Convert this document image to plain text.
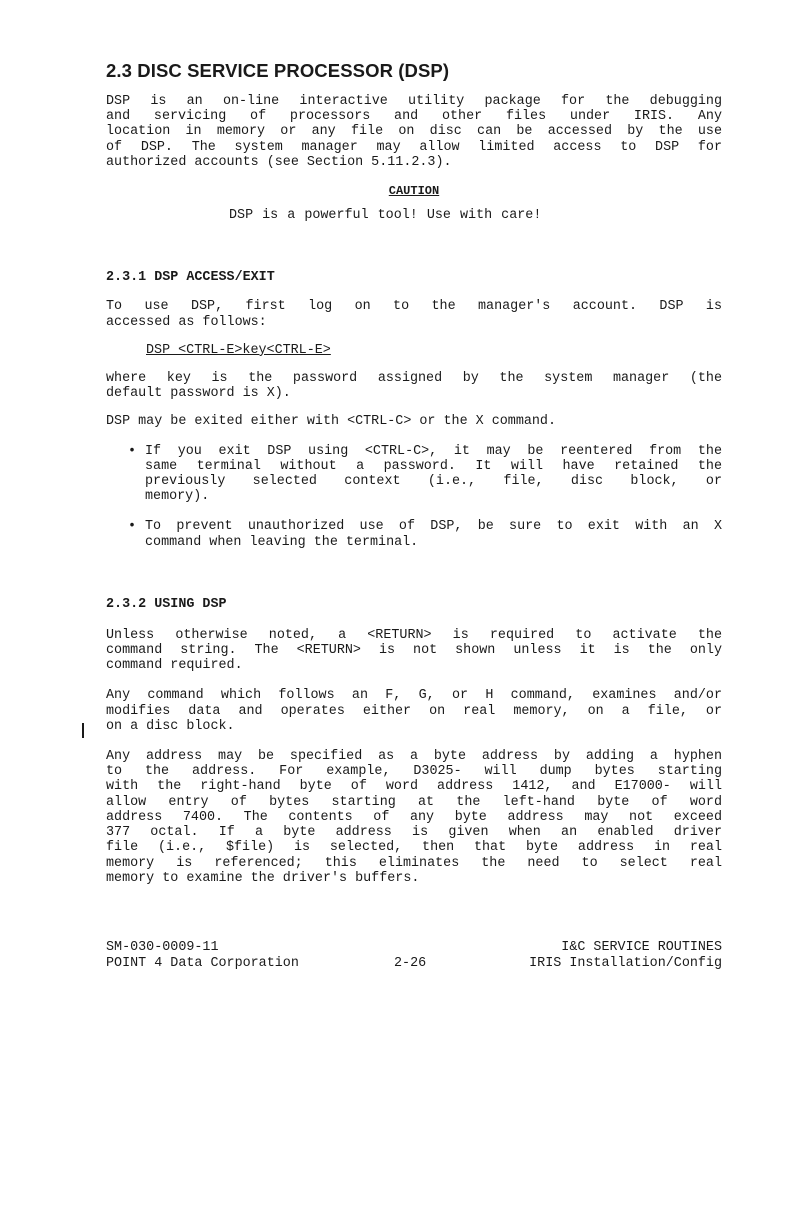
2.3 DISC SERVICE PROCESSOR (DSP)

DSP is an on-line interactive utility package for the debugging

and servicing of processors and other files under IRIS. Any

location in memory or any file on disc can be accessed by the use

of DSP. The system manager may allow limited access to DSP for

authorized accounts (see Section 5.11.2.3).

CAUTION

DSP is a powerful tool! Use with care!

2.3.1 DSP ACCESS/EXIT

To use DSP, first log on to the manager's account. DSP is

accessed as follows:

DSP <CTRL-E>key<CTRL-E>

where key is the password assigned by the system manager (the

default password is X).

DSP may be exited either with <CTRL-C> or the X command.

• If you exit DSP using <CTRL-C>, it may be reentered from the

same terminal without a password. It will have retained the

previously selected context (i.e., file, disc block, or

memory).

• To prevent unauthorized use of DSP, be sure to exit with an X

command when leaving the terminal.

2.3.2 USING DSP

Unless otherwise noted, a <RETURN> is required to activate the

command string. The <RETURN> is not shown unless it is the only

command required.

Any command which follows an F, G, or H command, examines and/or

modifies data and operates either on real memory, on a file, or

on a disc block.

Any address may be specified as a byte address by adding a hyphen

to the address. For example, D3025- will dump bytes starting

with the right-hand byte of word address 1412, and E17000- will

allow entry of bytes starting at the left-hand byte of word

address 7400. The contents of any byte address may not exceed

377 octal. If a byte address is given when an enabled driver

file (i.e., $file) is selected, then that byte address in real

memory is referenced; this eliminates the need to select real

memory to examine the driver's buffers.

SM-030-0009-11	I&C SERVICE ROUTINES
POINT 4 Data Corporation	2-26	IRIS Installation/Config
